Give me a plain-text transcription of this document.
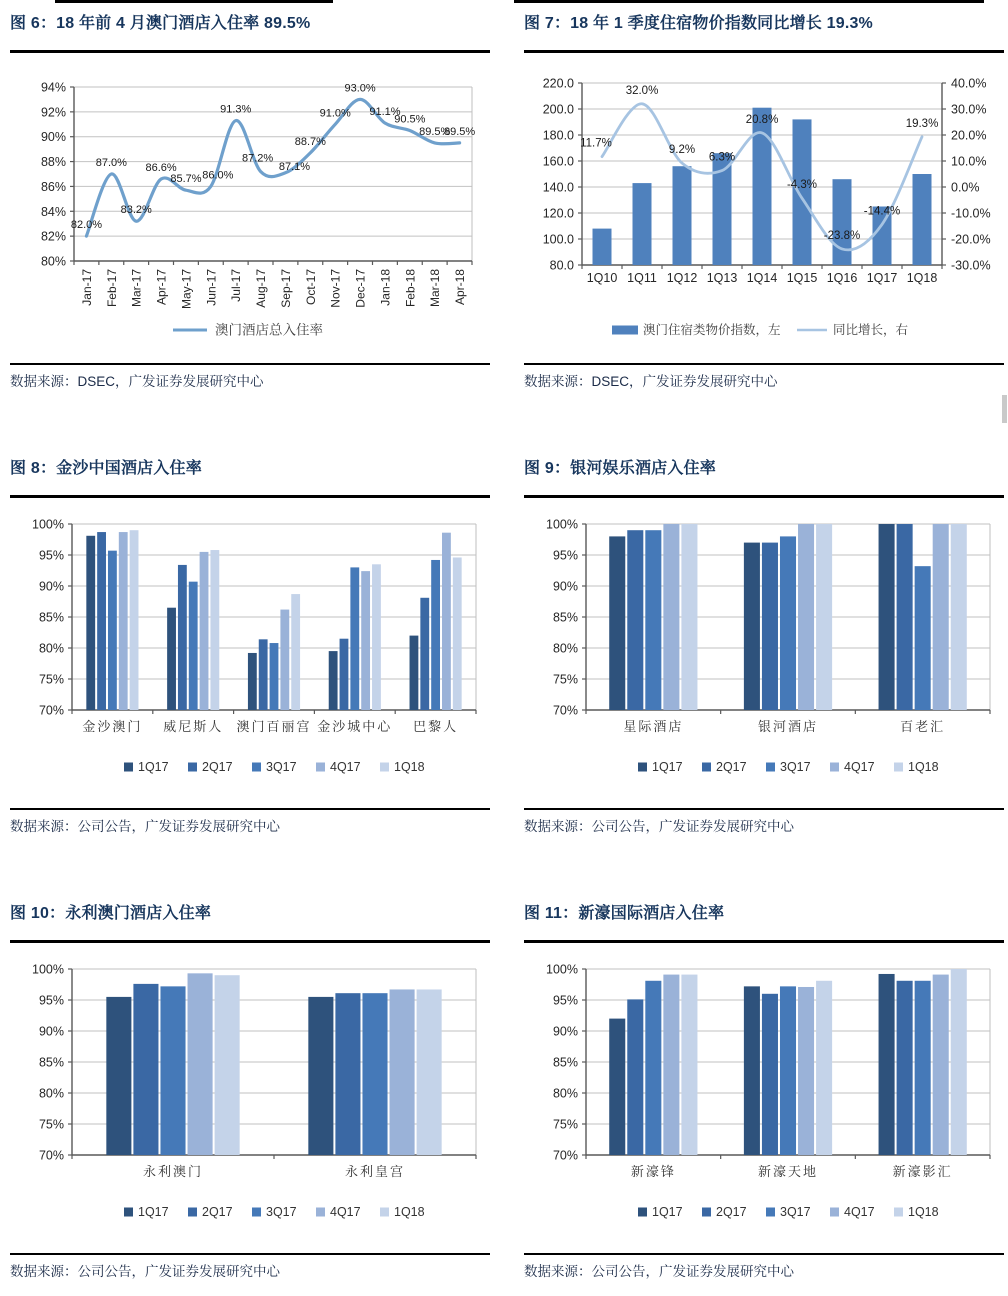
图 6：18 年前 4 月澳门酒店入住率 89.5%
80%
82%
84%
86%
88%
90%
92%
94%
82.0%
87.0%
83.2%
86.6%
85.7% 86.0%
91.3%
87.2%
87.1%
88.7%
91.0%
93.0%
91.1%
90.5%
89.5%
89.5%
Jan-17 Feb-17 Mar-17 Apr-17 May-17 Jun-17 Jul-17 Aug-17 Sep-17 Oct-17 Nov-17 Dec-17 Jan-18 Feb-18 Mar-18 Apr-18
澳门酒店总入住率

数据来源：DSEC，广发证券发展研究中心

图 7：18 年 1 季度住宿物价指数同比增长 19.3%
80.0	-30.0%
100.0	-20.0%
120.0	-10.0%
140.0	0.0%
160.0	10.0%
180.0	20.0%
200.0	30.0%
220.0	40.0%
11.7%
32.0%
9.2%
6.3%
20.8%
-4.3%
-23.8%
-14.4%
19.3%
1Q10 1Q11 1Q12 1Q13 1Q14 1Q15 1Q16 1Q17 1Q18
澳门住宿类物价指数，左	同比增长，右

数据来源：DSEC，广发证券发展研究中心

图 8：金沙中国酒店入住率
70%
75%
80%
85%
90%
95%
100%
金沙澳门 威尼斯人 澳门百丽宫 金沙城中心 巴黎人
1Q17	2Q17	3Q17	4Q17	1Q18

数据来源：公司公告，广发证券发展研究中心

图 9：银河娱乐酒店入住率
70%
75%
80%
85%
90%
95%
100%
星际酒店	银河酒店	百老汇
1Q17	2Q17	3Q17	4Q17	1Q18

数据来源：公司公告，广发证券发展研究中心

图 10：永利澳门酒店入住率
70%
75%
80%
85%
90%
95%
100%
永利澳门	永利皇宫
1Q17	2Q17	3Q17	4Q17	1Q18

数据来源：公司公告，广发证券发展研究中心

图 11：新濠国际酒店入住率
70%
75%
80%
85%
90%
95%
100%
新濠锋	新濠天地	新濠影汇
1Q17	2Q17	3Q17	4Q17	1Q18

数据来源：公司公告，广发证券发展研究中心
